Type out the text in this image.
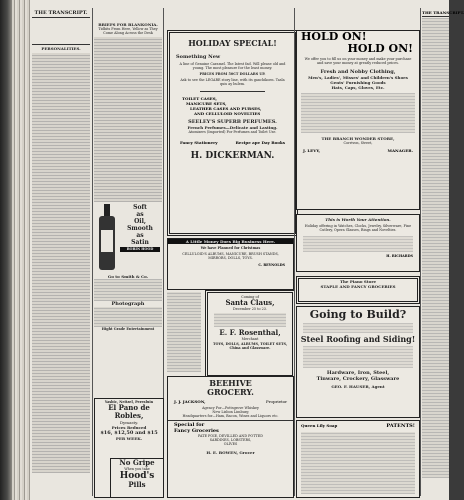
THE TRANSCRIPT.
PERSONALITIES.
BRIEFS FOR BLANKONIA.
Tidbits From Here, Yellow as They Come Along Across the Desk
Soft
as
Oil,
Smooth
as
Satin
ROBIN HOOD
Go to Smith & Co.
Photograph
Hight Grade Entertainment
Yasbic, Neitzel, Peresluin
El Pano de Robles,
Dymasty.
Prices Reduced
$16, $12,50 and $15
PER WEEK.
No Gripe
When you take
Hood's
Pills
HOLIDAY SPECIAL!
Something New
A line of Genuine Caramel. The latest fad. Will please old and young. The most pleasure for the least money.
PRICES FROM 50CT DOLLARS UP.
Ask to see the LEGARE story line, with its ganchikoen. Tasla quis ay bulem.
TOILET CASES,
MANICURE SETS,
LEATHER CASES AND PURSES,
AND CELLULOID NOVELTIES
SEELEY'S SUPERB PERFUMES.
French Perfumes—Delicate and Lasting.
Atomizers (Imported) For Perfumes and Toilet Use.
Fancy Stationery	Recipe ape Day Books
H. DICKERMAN.
A Little Money Does Big Business Here.
We have Planned for Christmas
CELLULOID'S ALBUMS, MANICURE, BRUSH STANDS, MIRRORS, DOLLS, TOYS.
C. REYNOLDS
Coming of
Santa Claus,
December 25 to 23.
E. F. Rosenthal,
Merchant
TOYS, DOLLS, ALBUMS, TOILET SETS,
China and Glassware.
BEEHIVE
GROCERY.
J. J. JACKSON,	Proprietor
Agency For—Pottsgrove Whiskey
New Lisbon Limburg
Headquarters for—Ham, Bacon, Wines and Liquors etc.
Special for
Fancy Groceries
PATE FOIE, DEVILLED AND POTTED
SARDINES, LOBSTERS,
OLIVES
H. E. BOWEN, Grocer
HOLD ON!
HOLD ON!
We offer you to fill us on your money and make your purchase and save your money at greatly reduced prices.
Fresh and Nobby Clothing,
Men's, Ladies', Misses' and Children's Shoes
Gents' Furnishing Goods
Hats, Caps, Gloves, Etc.
THE BRANCH WONDER STORE,
Corrivon, Street,
J. LEVY,	MANAGER.
This is Worth Your Attention.
Holiday offering in Watches, Clocks, Jewelry, Silverware, Fine Cutlery, Opera Glasses, Rings and Novelties.
H. RICHARDS
The Piano Store
STAPLE AND FANCY GROCERIES
Going to Build?
Steel Roofing and Siding!
Hardware, Iron, Steel,
Tinware, Crockery, Glassware
GEO. F. HAUSER, Agent
Queen Lily Soap	PATENTS!
THE TRANSCRIPT.
